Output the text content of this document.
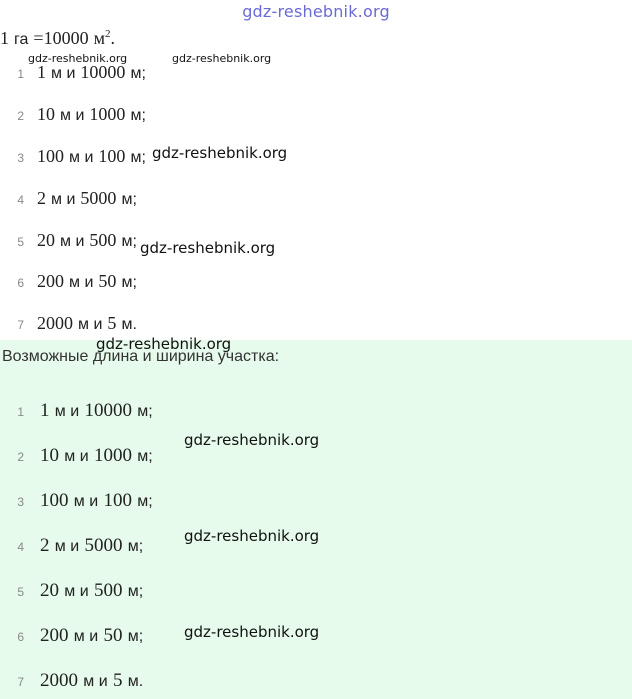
gdz-reshebnik.org
1 га =10000 $м^2$.
gdz-reshebnik.org	gdz-reshebnik.org
1 1 м и 10000 м;
2 10 м и 1000 м;
3 100 м и 100 м;
4 2 м и 5000 м;
5 20 м и 500 м;
6 200 м и 50 м;
7 2000 м и 5 м.
gdz-reshebnik.org
gdz-reshebnik.org
Возможные длина и ширина участка:
1 1 м и 10000 м;
2 10 м и 1000 м;
3 100 м и 100 м;
4 2 м и 5000 м;
5 20 м и 500 м;
6 200 м и 50 м;
7 2000 м и 5 м.
gdz-reshebnik.org
gdz-reshebnik.org
gdz-reshebnik.org
gdz-reshebnik.org
